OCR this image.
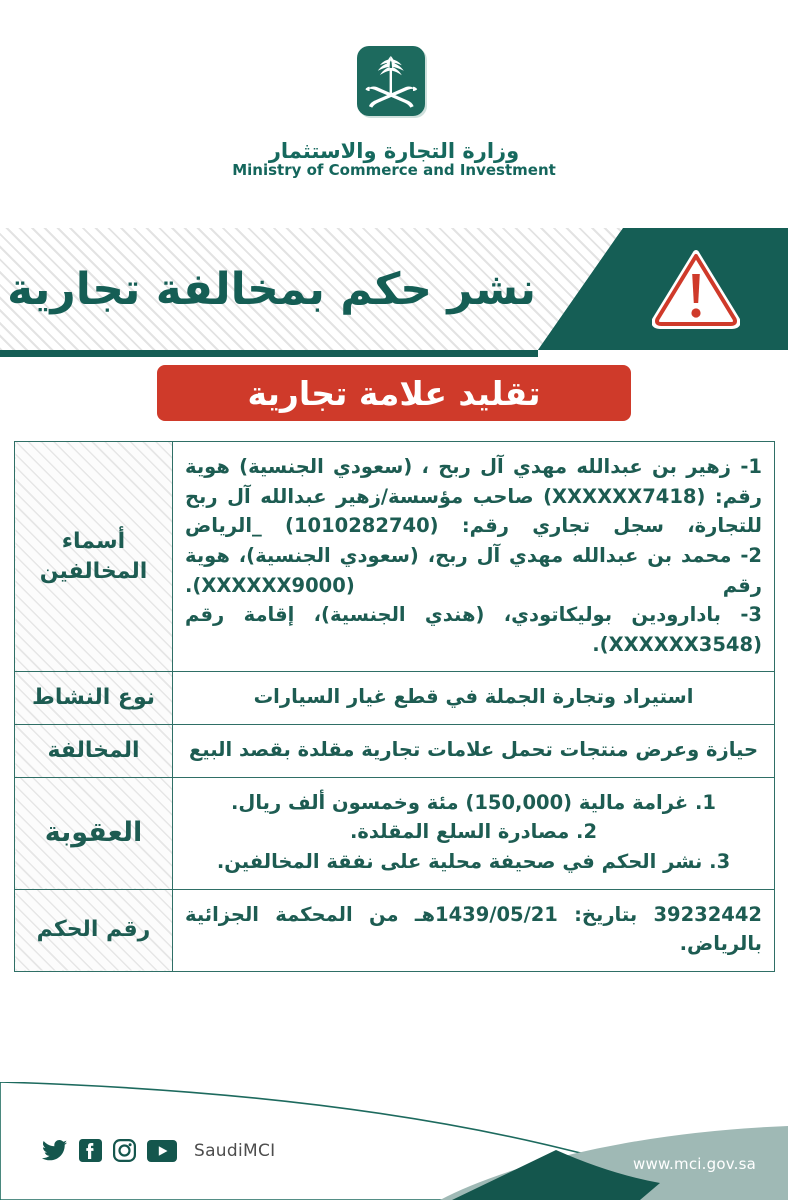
وزارة التجارة والاستثمار
Ministry of Commerce and Investment
نشر حكم بمخالفة تجارية
تقليد علامة تجارية
1- زهير بن عبدالله مهدي آل ربح ، (سعودي الجنسية) هوية رقم: (XXXXXX7418) صاحب مؤسسة/زهير عبدالله آل ربح للتجارة، سجل تجاري رقم: (1010282740) _الرياض
2- محمد بن عبدالله مهدي آل ربح، (سعودي الجنسية)، هوية رقم (XXXXXX9000).
3- بادارودين بوليكاتودي، (هندي الجنسية)، إقامة رقم (XXXXXX3548).	أسماء المخالفين

استيراد وتجارة الجملة في قطع غيار السيارات	نوع النشاط

حيازة وعرض منتجات تحمل علامات تجارية مقلدة بقصد البيع	المخالفة

1. غرامة مالية (150,000) مئة وخمسون ألف ريال.
2. مصادرة السلع المقلدة.
3. نشر الحكم في صحيفة محلية على نفقة المخالفين.	العقوبة

39232442 بتاريخ: 1439/05/21هـ من المحكمة الجزائية بالرياض.	رقم الحكم
SaudiMCI
www.mci.gov.sa
